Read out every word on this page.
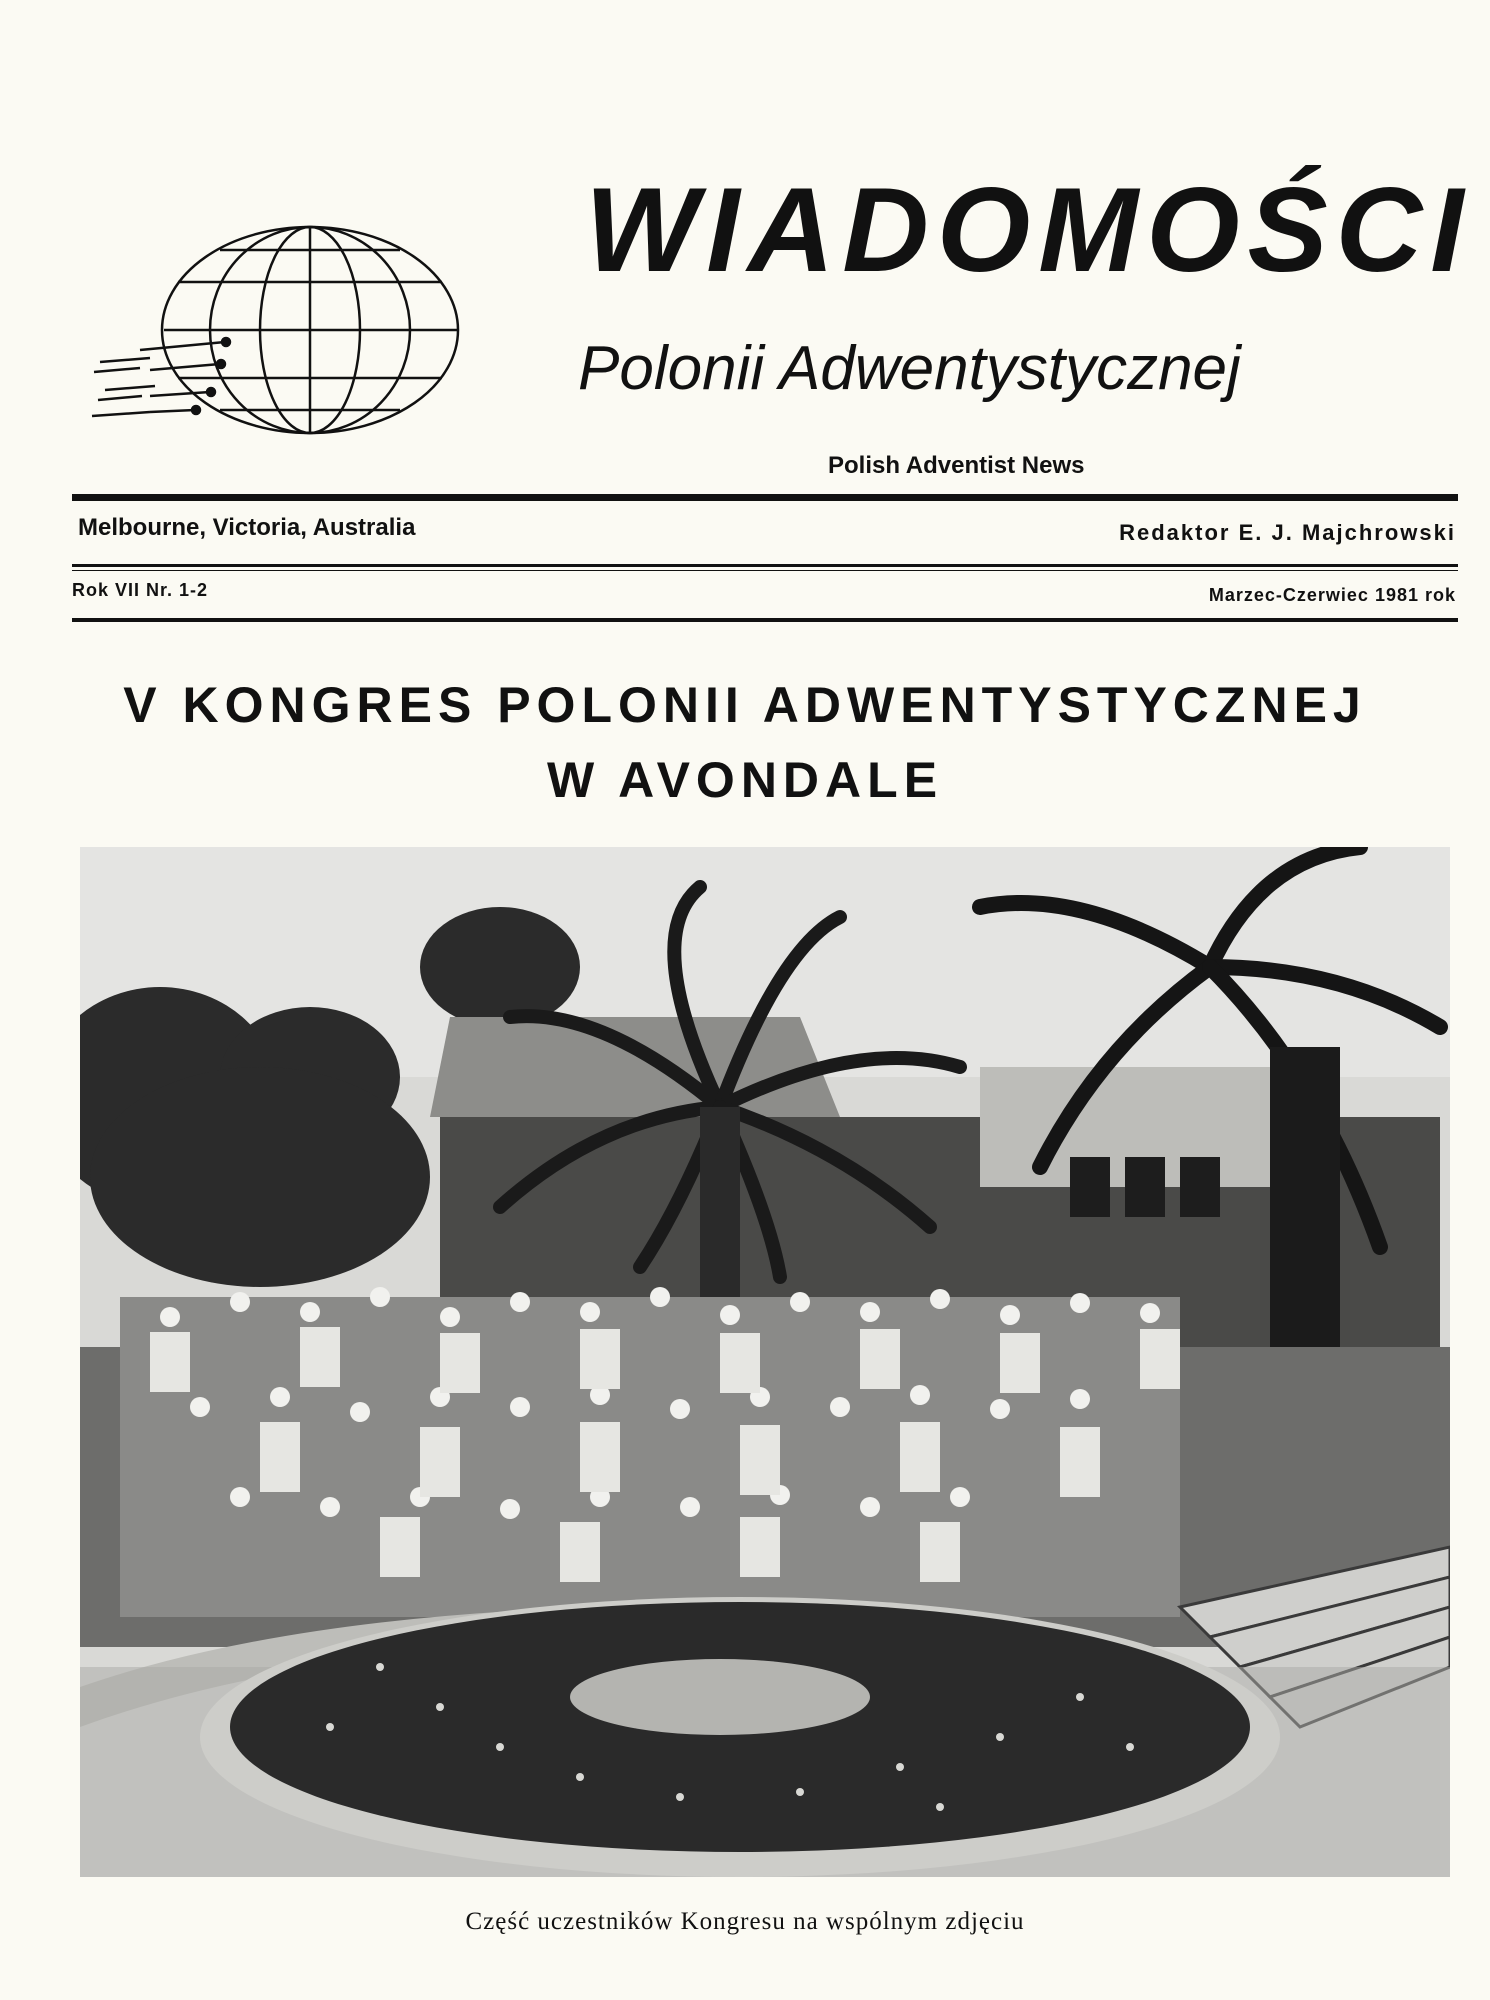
WIADOMOŚCI
Polonii Adwentystycznej
Polish Adventist News
Melbourne, Victoria, Australia	Redaktor E. J. Majchrowski
Rok VII Nr. 1-2	Marzec-Czerwiec 1981 rok
V KONGRES POLONII ADWENTYSTYCZNEJ
W AVONDALE
Część uczestników Kongresu na wspólnym zdjęciu
